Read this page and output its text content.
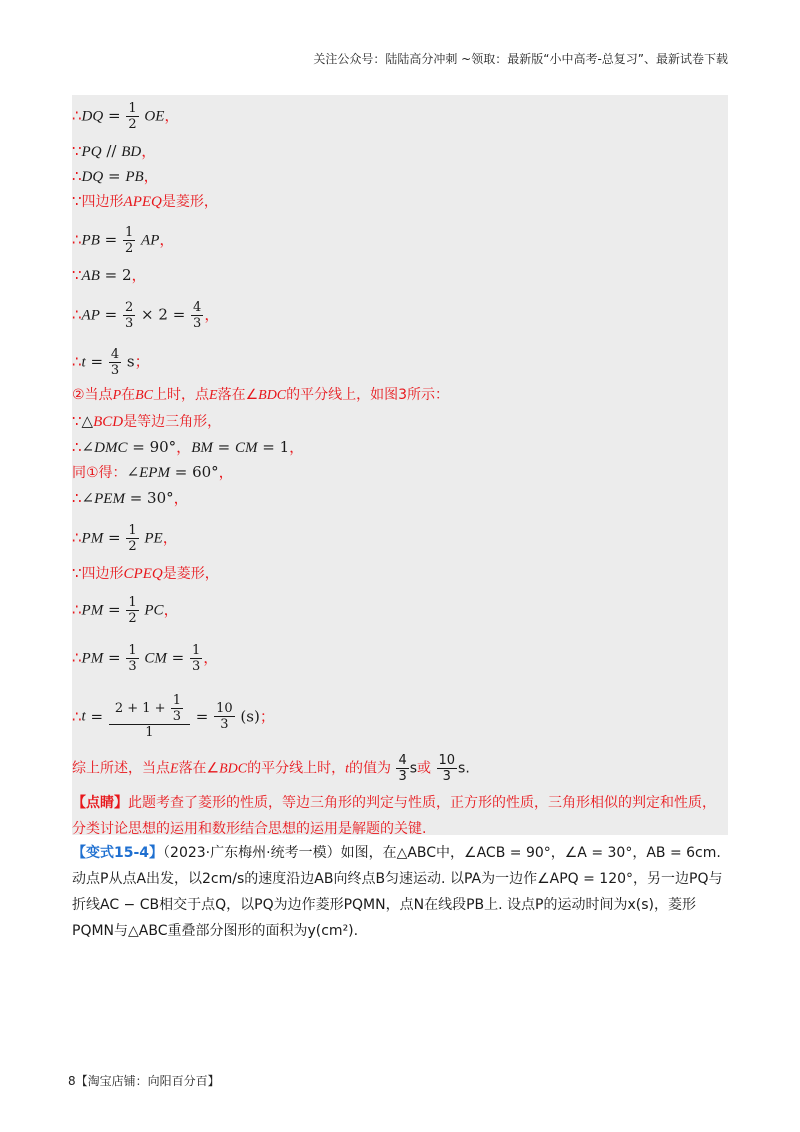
关注公众号：陆陆高分冲刺 ~领取：最新版“小中高考-总复习”、最新试卷下载
∴DQ = $\frac{1}{2}$ OE，
∵PQ // BD，
∴DQ = PB，
∵四边形APEQ是菱形，
∴PB = $\frac{1}{2}$ AP，
∵AB = 2，
∴AP = $\frac{2}{3} \times 2 = \frac{4}{3}$ ，
∴t = $\frac{4}{3}$ s；
②当点P在BC上时，点E落在∠BDC的平分线上，如图3所示：
∵△BCD是等边三角形，
∴∠DMC = 90°，BM = CM = 1，
同①得：∠EPM = 60°，
∴∠PEM = 30°，
∴PM = $\frac{1}{2}$ PE，
∵四边形CPEQ是菱形，
∴PM = $\frac{1}{2}$ PC，
∴PM = $\frac{1}{3}$ CM = $\frac{1}{3}$ ，
∴t = $\frac{2 + 1 + \frac{1}{3}}{1} = \frac{10}{3} (s)$；
综上所述，当点E落在∠BDC的平分线上时，t的值为 $\frac{4}{3}$ s或 $\frac{10}{3} s$.
【点睛】此题考查了菱形的性质，等边三角形的判定与性质，正方形的性质，三角形相似的判定和性质，分类讨论思想的运用和数形结合思想的运用是解题的关键.
【变式15-4】（2023·广东梅州·统考一模）如图，在△ABC中，∠ACB = 90°，∠A = 30°，AB = 6cm. 动点P从点A出发，以2cm/s的速度沿边AB向终点B匀速运动. 以PA为一边作∠APQ = 120°，另一边PQ与折线AC − CB相交于点Q，以PQ为边作菱形PQMN，点N在线段PB上. 设点P的运动时间为x(s)，菱形PQMN与△ABC重叠部分图形的面积为y(cm²).
8【淘宝店铺：向阳百分百】
